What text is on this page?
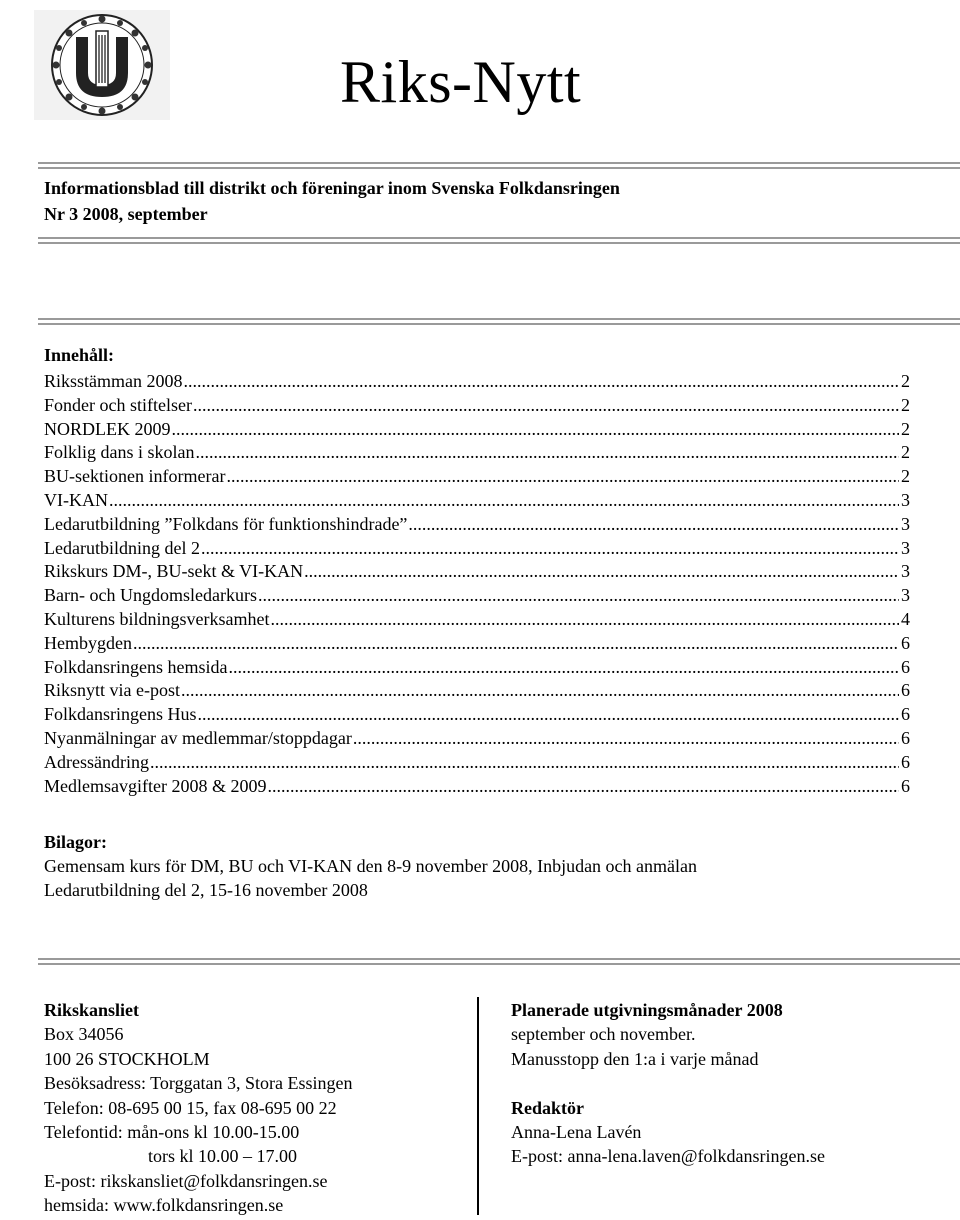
Riks-Nytt
Informationsblad till distrikt och föreningar inom Svenska Folkdansringen
Nr 3 2008, september
Innehåll:
Riksstämman 2008 .....	2
Fonder och stiftelser .....	2
NORDLEK 2009 .....	2
Folklig dans i skolan .....	2
BU-sektionen informerar .....	2
VI-KAN .....	3
Ledarutbildning ”Folkdans för funktionshindrade” .....	3
Ledarutbildning del 2 .....	3
Rikskurs DM-, BU-sekt & VI-KAN .....	3
Barn- och Ungdomsledarkurs .....	3
Kulturens bildningsverksamhet .....	4
Hembygden .....	6
Folkdansringens hemsida .....	6
Riksnytt via e-post .....	6
Folkdansringens Hus .....	6
Nyanmälningar av medlemmar/stoppdagar .....	6
Adressändring .....	6
Medlemsavgifter 2008 & 2009 .....	6
Bilagor:
Gemensam kurs för DM, BU och VI-KAN den 8-9 november 2008, Inbjudan och anmälan
Ledarutbildning del 2, 15-16 november 2008
Rikskansliet
Box 34056
100 26 STOCKHOLM
Besöksadress: Torggatan 3, Stora Essingen
Telefon: 08-695 00 15, fax 08-695 00 22
Telefontid: mån-ons kl 10.00-15.00
tors kl 10.00 – 17.00
E-post: rikskansliet@folkdansringen.se
hemsida: www.folkdansringen.se
Planerade utgivningsmånader 2008
september och november.
Manusstopp den 1:a i varje månad
Redaktör
Anna-Lena Lavén
E-post: anna-lena.laven@folkdansringen.se
